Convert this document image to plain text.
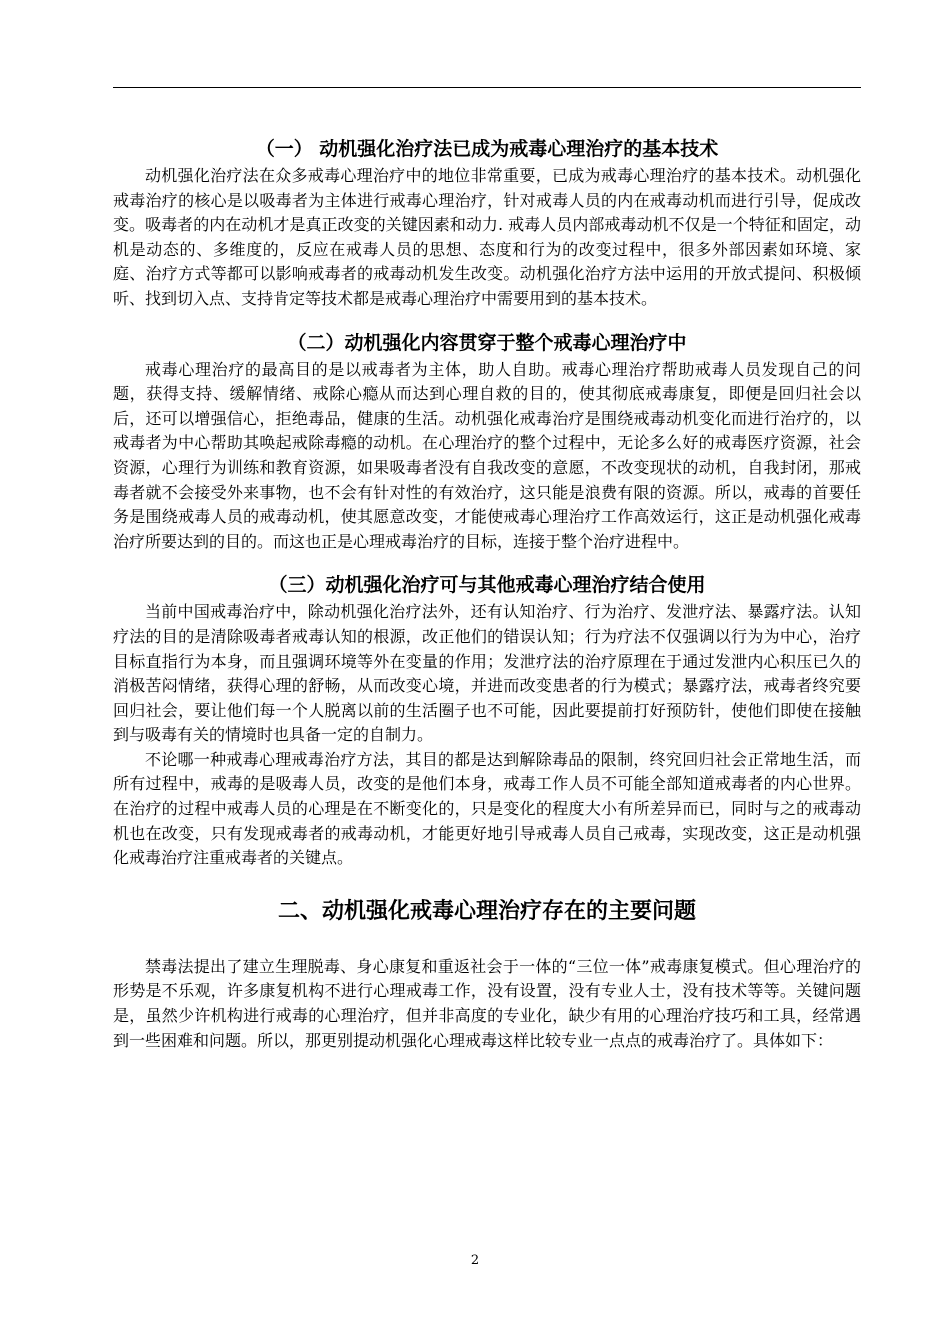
（一） 动机强化治疗法已成为戒毒心理治疗的基本技术

动机强化治疗法在众多戒毒心理治疗中的地位非常重要，已成为戒毒心理治疗的基本技术。动机强化戒毒治疗的核心是以吸毒者为主体进行戒毒心理治疗，针对戒毒人员的内在戒毒动机而进行引导，促成改变。吸毒者的内在动机才是真正改变的关键因素和动力. 戒毒人员内部戒毒动机不仅是一个特征和固定，动机是动态的、多维度的，反应在戒毒人员的思想、态度和行为的改变过程中，很多外部因素如环境、家庭、治疗方式等都可以影响戒毒者的戒毒动机发生改变。动机强化治疗方法中运用的开放式提问、积极倾听、找到切入点、支持肯定等技术都是戒毒心理治疗中需要用到的基本技术。

（二）动机强化内容贯穿于整个戒毒心理治疗中

戒毒心理治疗的最高目的是以戒毒者为主体，助人自助。戒毒心理治疗帮助戒毒人员发现自己的问题，获得支持、缓解情绪、戒除心瘾从而达到心理自救的目的，使其彻底戒毒康复，即便是回归社会以后，还可以增强信心，拒绝毒品，健康的生活。动机强化戒毒治疗是围绕戒毒动机变化而进行治疗的，以戒毒者为中心帮助其唤起戒除毒瘾的动机。在心理治疗的整个过程中，无论多么好的戒毒医疗资源，社会资源，心理行为训练和教育资源，如果吸毒者没有自我改变的意愿，不改变现状的动机，自我封闭，那戒毒者就不会接受外来事物，也不会有针对性的有效治疗，这只能是浪费有限的资源。所以，戒毒的首要任务是围绕戒毒人员的戒毒动机，使其愿意改变，才能使戒毒心理治疗工作高效运行，这正是动机强化戒毒治疗所要达到的目的。而这也正是心理戒毒治疗的目标，连接于整个治疗进程中。

（三）动机强化治疗可与其他戒毒心理治疗结合使用

当前中国戒毒治疗中，除动机强化治疗法外，还有认知治疗、行为治疗、发泄疗法、暴露疗法。认知疗法的目的是清除吸毒者戒毒认知的根源，改正他们的错误认知；行为疗法不仅强调以行为为中心，治疗目标直指行为本身，而且强调环境等外在变量的作用；发泄疗法的治疗原理在于通过发泄内心积压已久的消极苦闷情绪，获得心理的舒畅，从而改变心境，并进而改变患者的行为模式；暴露疗法，戒毒者终究要回归社会，要让他们每一个人脱离以前的生活圈子也不可能，因此要提前打好预防针，使他们即使在接触到与吸毒有关的情境时也具备一定的自制力。

不论哪一种戒毒心理戒毒治疗方法，其目的都是达到解除毒品的限制，终究回归社会正常地生活，而所有过程中，戒毒的是吸毒人员，改变的是他们本身，戒毒工作人员不可能全部知道戒毒者的内心世界。在治疗的过程中戒毒人员的心理是在不断变化的，只是变化的程度大小有所差异而已，同时与之的戒毒动机也在改变，只有发现戒毒者的戒毒动机，才能更好地引导戒毒人员自己戒毒，实现改变，这正是动机强化戒毒治疗注重戒毒者的关键点。

二、动机强化戒毒心理治疗存在的主要问题

禁毒法提出了建立生理脱毒、身心康复和重返社会于一体的“三位一体”戒毒康复模式。但心理治疗的形势是不乐观，许多康复机构不进行心理戒毒工作，没有设置，没有专业人士，没有技术等等。关键问题是，虽然少许机构进行戒毒的心理治疗，但并非高度的专业化，缺少有用的心理治疗技巧和工具，经常遇到一些困难和问题。所以，那更别提动机强化心理戒毒这样比较专业一点点的戒毒治疗了。具体如下：

2
